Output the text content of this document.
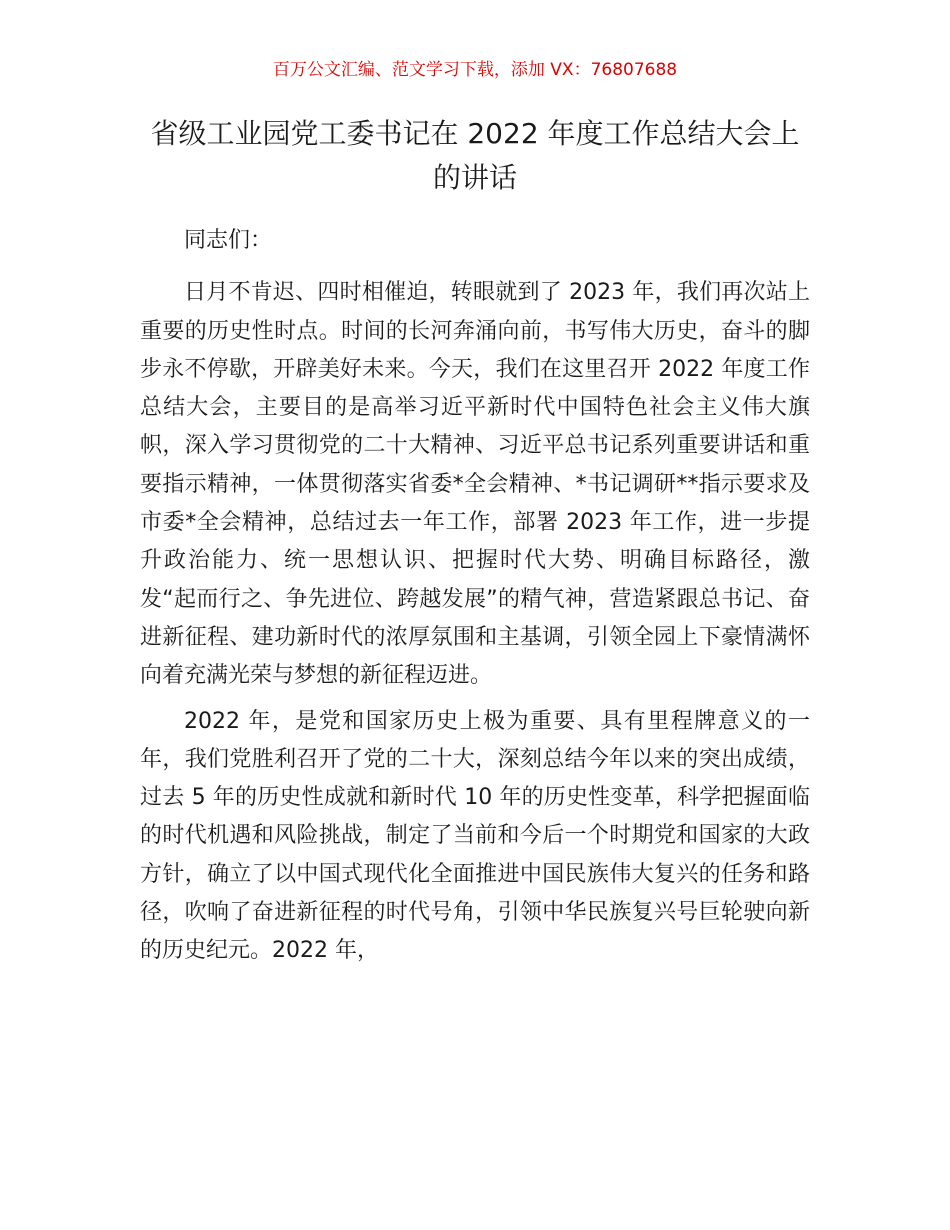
百万公文汇编、范文学习下载，添加 VX：76807688
省级工业园党工委书记在 2022 年度工作总结大会上的讲话

同志们：

日月不肯迟、四时相催迫，转眼就到了 2023 年，我们再次站上重要的历史性时点。时间的长河奔涌向前，书写伟大历史，奋斗的脚步永不停歇，开辟美好未来。今天，我们在这里召开 2022 年度工作总结大会，主要目的是高举习近平新时代中国特色社会主义伟大旗帜，深入学习贯彻党的二十大精神、习近平总书记系列重要讲话和重要指示精神，一体贯彻落实省委*全会精神、*书记调研**指示要求及市委*全会精神，总结过去一年工作，部署 2023 年工作，进一步提升政治能力、统一思想认识、把握时代大势、明确目标路径，激发“起而行之、争先进位、跨越发展”的精气神，营造紧跟总书记、奋进新征程、建功新时代的浓厚氛围和主基调，引领全园上下豪情满怀向着充满光荣与梦想的新征程迈进。

2022 年，是党和国家历史上极为重要、具有里程牌意义的一年，我们党胜利召开了党的二十大，深刻总结今年以来的突出成绩，过去 5 年的历史性成就和新时代 10 年的历史性变革，科学把握面临的时代机遇和风险挑战，制定了当前和今后一个时期党和国家的大政方针，确立了以中国式现代化全面推进中国民族伟大复兴的任务和路径，吹响了奋进新征程的时代号角，引领中华民族复兴号巨轮驶向新的历史纪元。2022 年，
